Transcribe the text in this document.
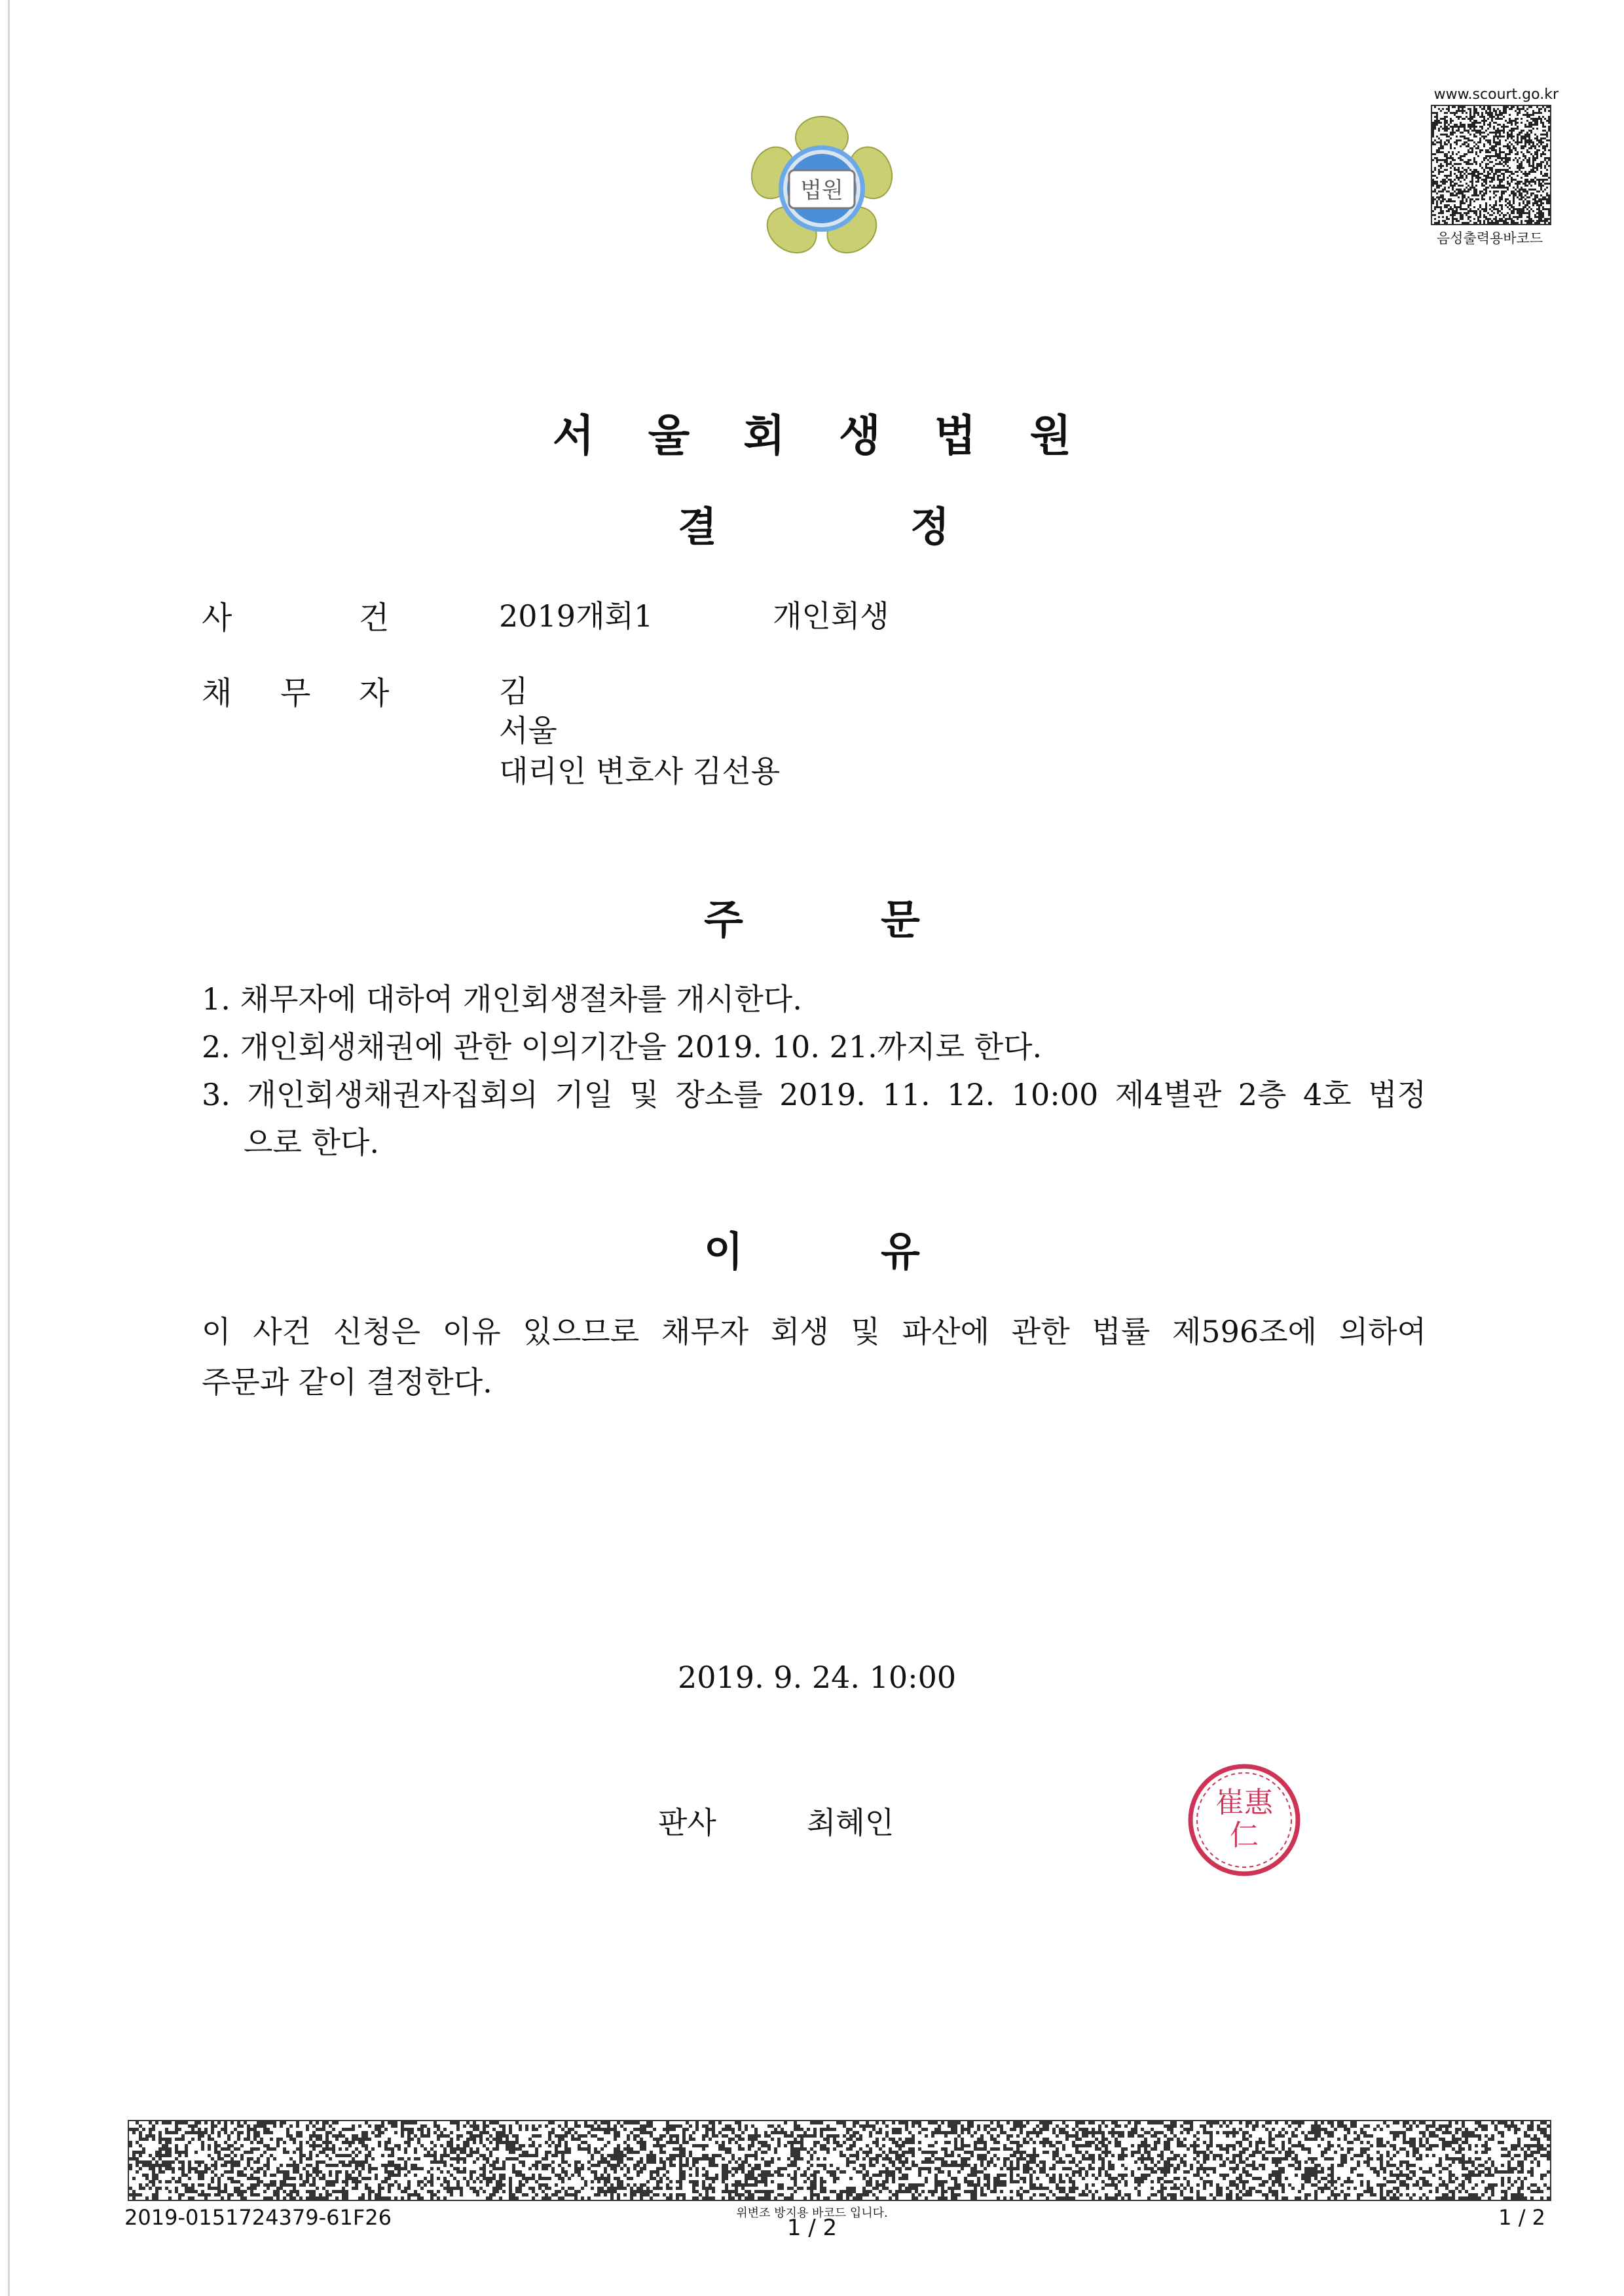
법원
www.scourt.go.kr
음성출력용바코드
서울회생법원
결	정
사	건	2019개회1	개인회생
채 무 자	김
서울
대리인 변호사 김선용
주	문
1. 채무자에 대하여 개인회생절차를 개시한다.
2. 개인회생채권에 관한 이의기간을 2019. 10. 21.까지로 한다.
3. 개인회생채권자집회의 기일 및 장소를 2019. 11. 12. 10:00 제4별관 2층 4호 법정
으로 한다.
이	유
이 사건 신청은 이유 있으므로 채무자 회생 및 파산에 관한 법률 제596조에 의하여
주문과 같이 결정한다.
2019. 9. 24. 10:00
판사	최혜인
崔惠
仁
2019-0151724379-61F26	위변조 방지용 바코드 입니다.
1 / 2	1 / 2
